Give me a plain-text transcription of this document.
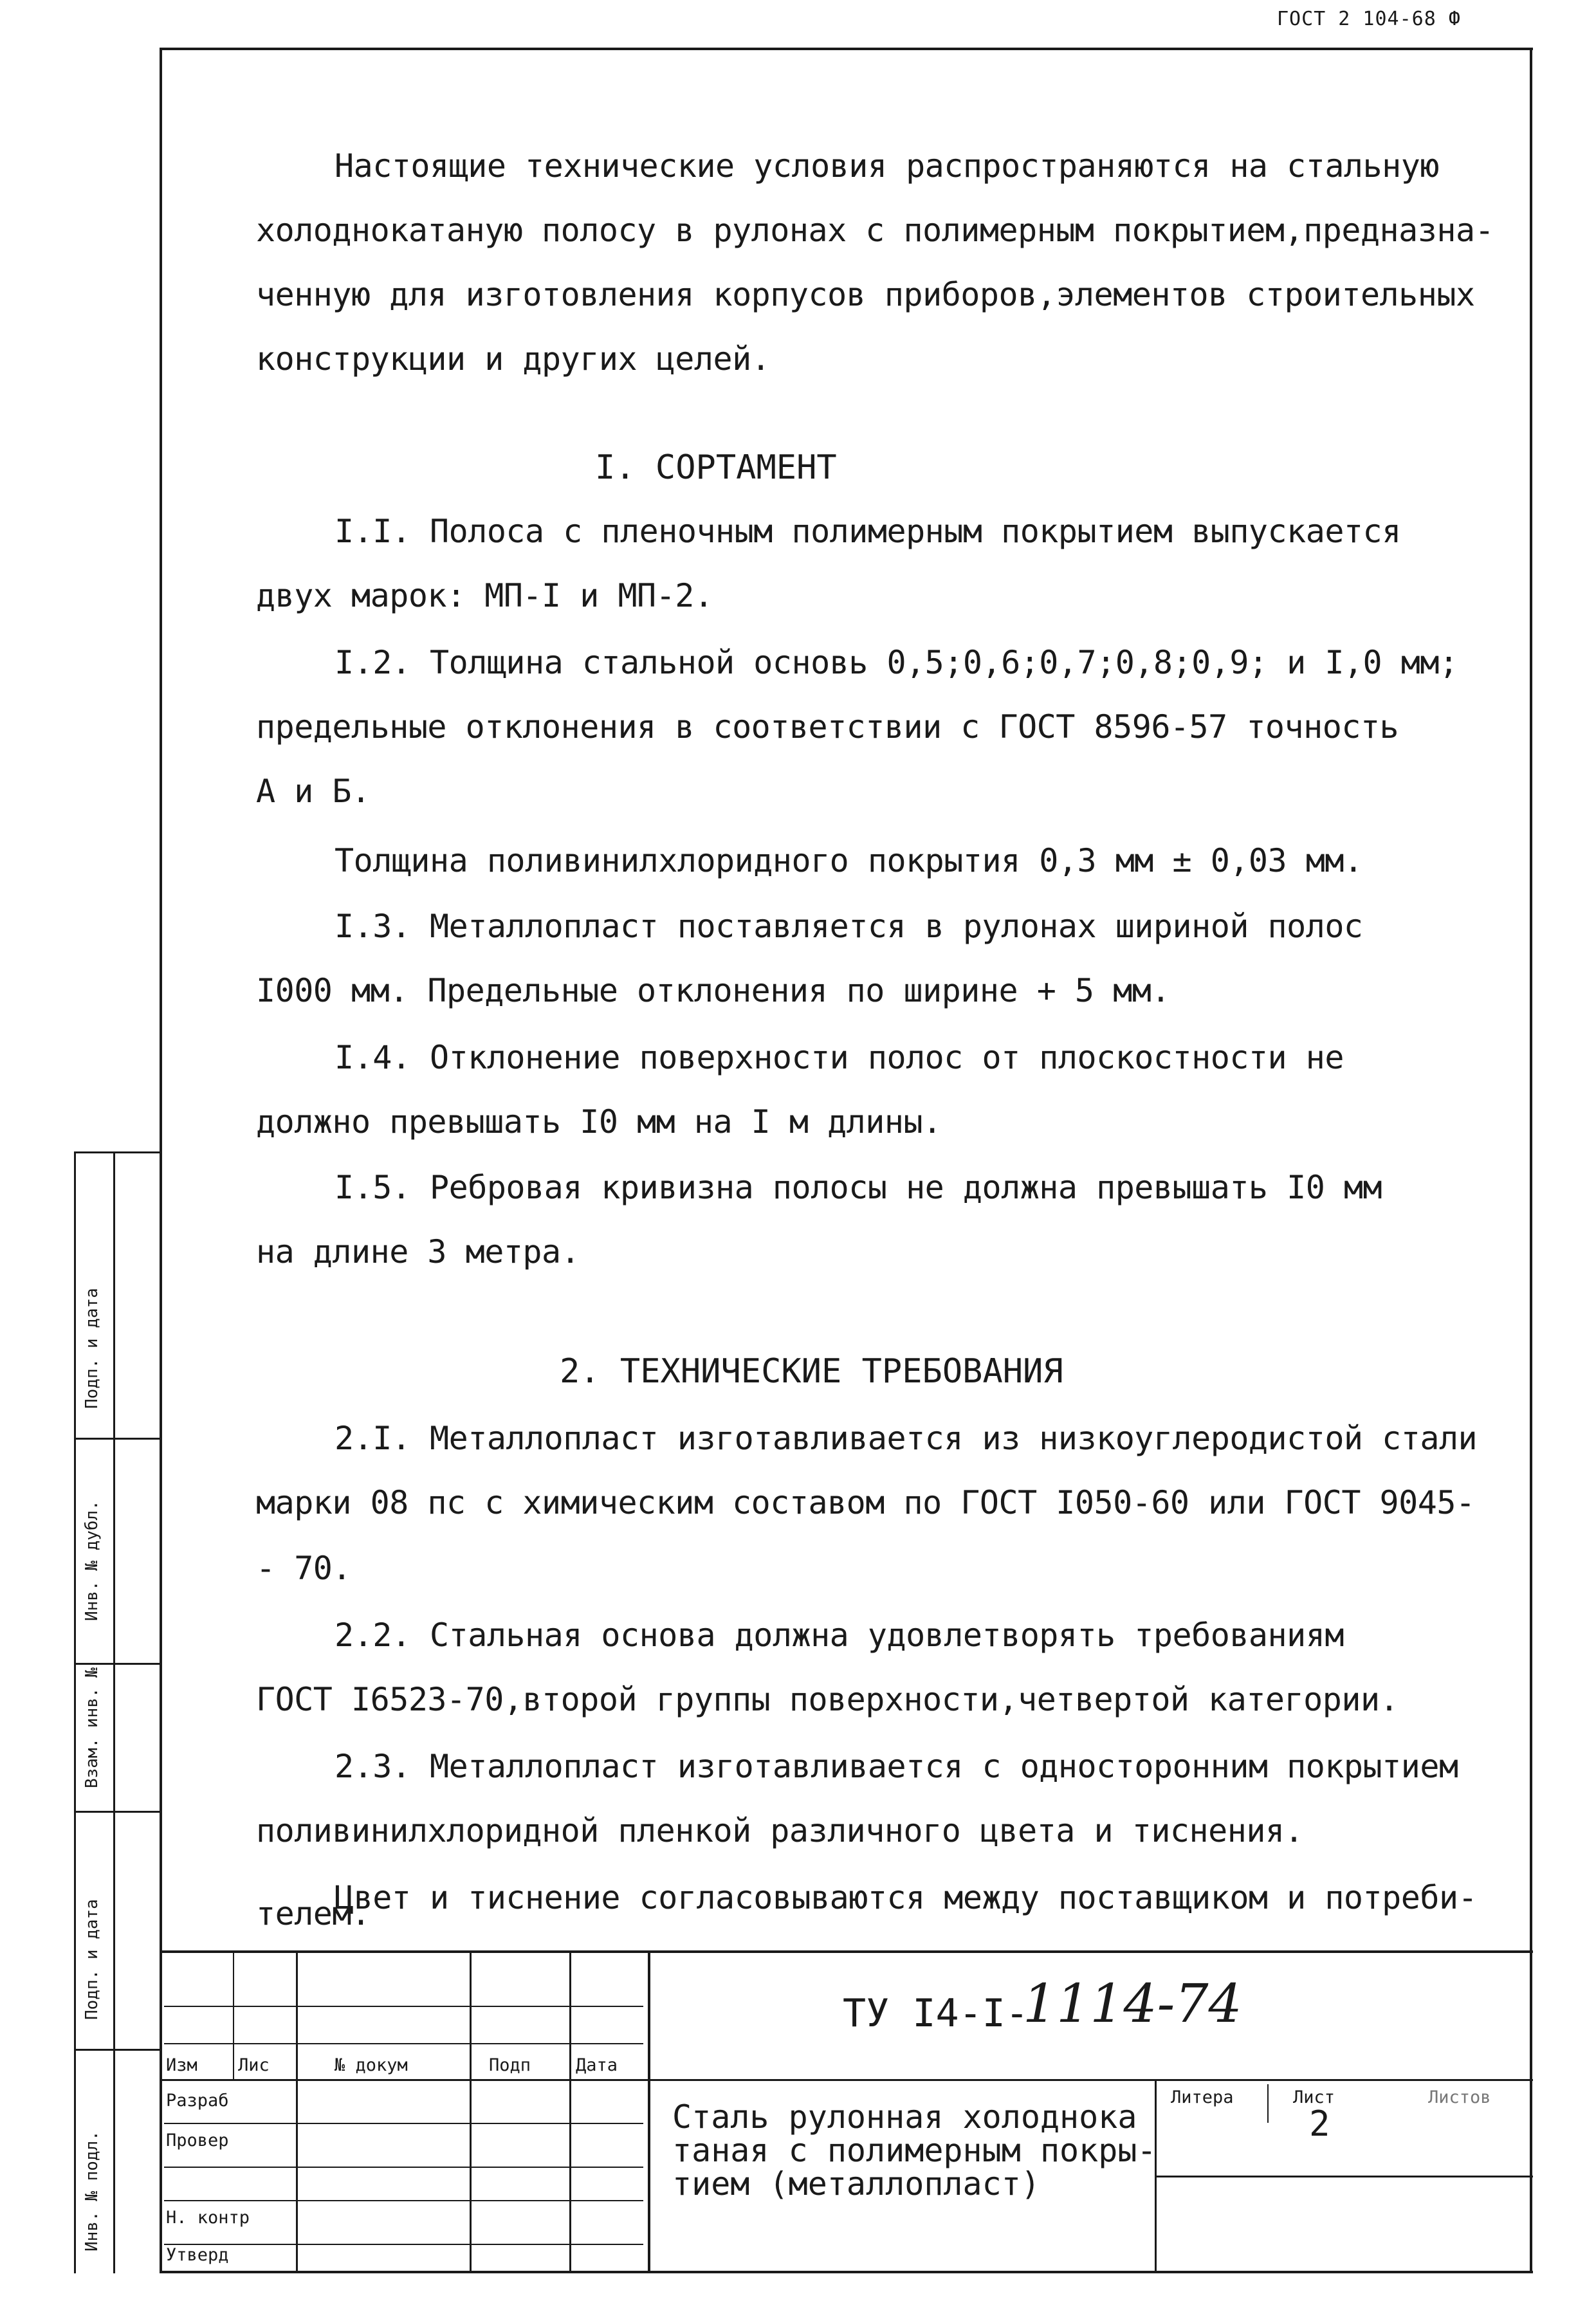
ГОСТ 2 104-68 Ф
Подп. и дата
Инв. № дубл.
Взам. инв. №
Подп. и дата
Инв. № подл.
Настоящие технические условия распространяются на стальную
холоднокатаную полосу в рулонах с полимерным покрытием,предназна-
ченную для изготовления корпусов приборов,элементов строительных
конструкции и других целей.
I. СОРТАМЕНТ
I.I. Полоса с пленочным полимерным покрытием выпускается
двух марок: МП-I и МП-2.
I.2. Толщина стальной основь 0,5;0,6;0,7;0,8;0,9; и I,0 мм;
предельные отклонения в соответствии с ГОСТ 8596-57 точность
А и Б.
Толщина поливинилхлоридного покрытия 0,3 мм ± 0,03 мм.
I.3. Металлопласт поставляется в рулонах шириной полос
I000 мм. Предельные отклонения по ширине + 5 мм.
I.4. Отклонение поверхности полос от плоскостности не
должно превышать I0 мм на I м длины.
I.5. Ребровая кривизна полосы не должна превышать I0 мм
на длине 3 метра.
2. ТЕХНИЧЕСКИЕ ТРЕБОВАНИЯ
2.I. Металлопласт изготавливается из низкоуглеродистой стали
марки 08 пс с химическим составом по ГОСТ I050-60 или ГОСТ 9045-
- 70.
2.2. Стальная основа должна удовлетворять требованиям
ГОСТ I6523-70,второй группы поверхности,четвертой категории.
2.3. Металлопласт изготавливается с односторонним покрытием
поливинилхлоридной пленкой различного цвета и тиснения.
Цвет и тиснение согласовываются между поставщиком и потреби-
телем.
Изм Лис	№ докум	Подп	Дата
Разраб
Провер
Н. контр
Утверд
ТУ I4-I-
1114-74
Сталь рулонная холоднока
таная с полимерным покры-
тием (металлопласт)
Литера	Лист	Листов
2
